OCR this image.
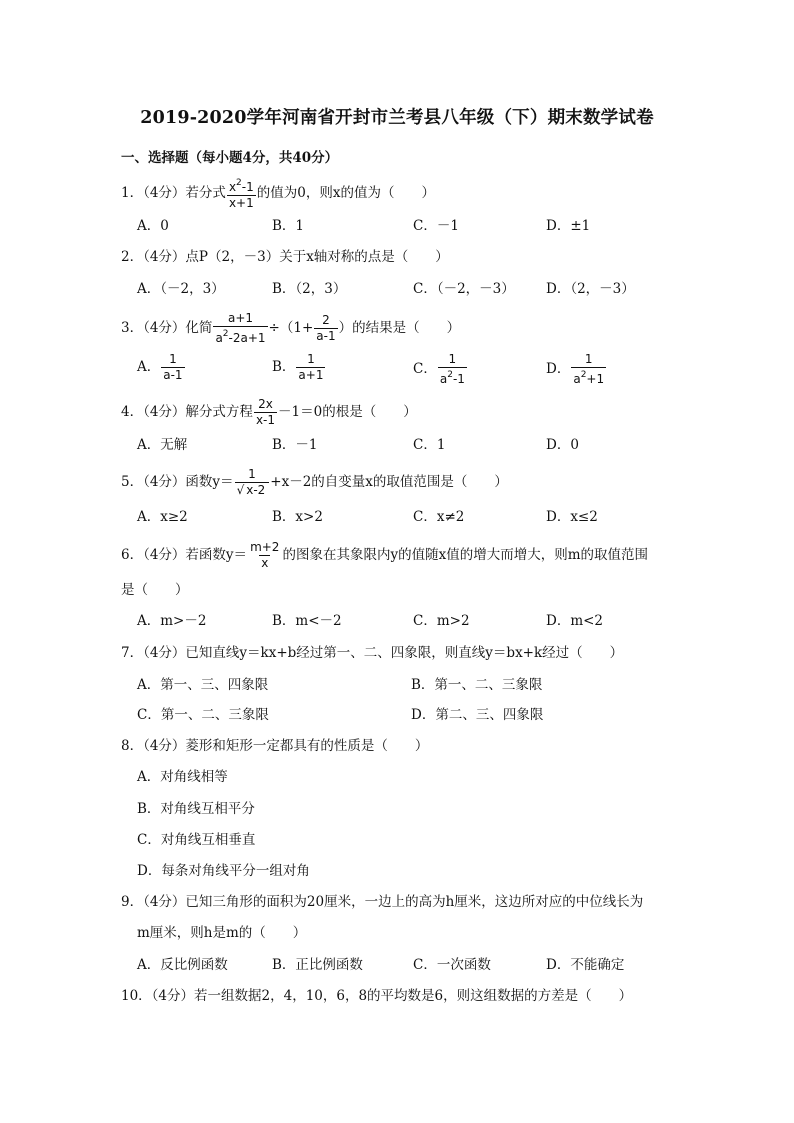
2019-2020学年河南省开封市兰考县八年级（下）期末数学试卷
一、选择题（每小题4分，共40分）
1．（4分）若分式 $\frac{x^2-1}{x+1}$ 的值为0，则x的值为（　　）
A．0	B．1	C．－1	D．±1
2．（4分）点P（2，－3）关于x轴对称的点是（　　）
A．（－2，3）	B．（2，3）	C．（－2，－3） D．（2，－3）
3．（4分）化简 $\frac{a+1}{a^2-2a+1} \div(1+ \frac{2}{a-1}$ ）的结果是（　　）
A． $\frac{1}{a-1}$	B． $\frac{1}{a+1}$	C． $\frac{1}{a^2-1}$	D． $\frac{1}{a^2+1}$
4．（4分）解分式方程 $\frac{2x}{x-1} -1=0$的根是（　　）
A．无解	B．－1	C．1	D．0
5．（4分）函数$y= \frac{1}{√ x-2} +x-2$的自变量x的取值范围是（　　）
A．x≥2	B．x>2	C．x≠2	D．x≤2
6．（4分）若函数$y= \frac{m+2}{x}$ 的图象在其象限内y的值随x值的增大而增大，则m的取值范围
是（　　）
A．m>－2	B．m<－2	C．m>2	D．m<2
7．（4分）已知直线y＝kx+b经过第一、二、四象限，则直线y＝bx+k经过（　　）
A．第一、三、四象限	B．第一、二、三象限
C．第一、二、三象限	D．第二、三、四象限
8．（4分）菱形和矩形一定都具有的性质是（　　）
A．对角线相等
B．对角线互相平分
C．对角线互相垂直
D．每条对角线平分一组对角
9．（4分）已知三角形的面积为20厘米，一边上的高为h厘米，这边所对应的中位线长为
m厘米，则h是m的（　　）
A．反比例函数	B．正比例函数	C．一次函数	D．不能确定
10．（4分）若一组数据2，4，10，6，8的平均数是6，则这组数据的方差是（　　）
